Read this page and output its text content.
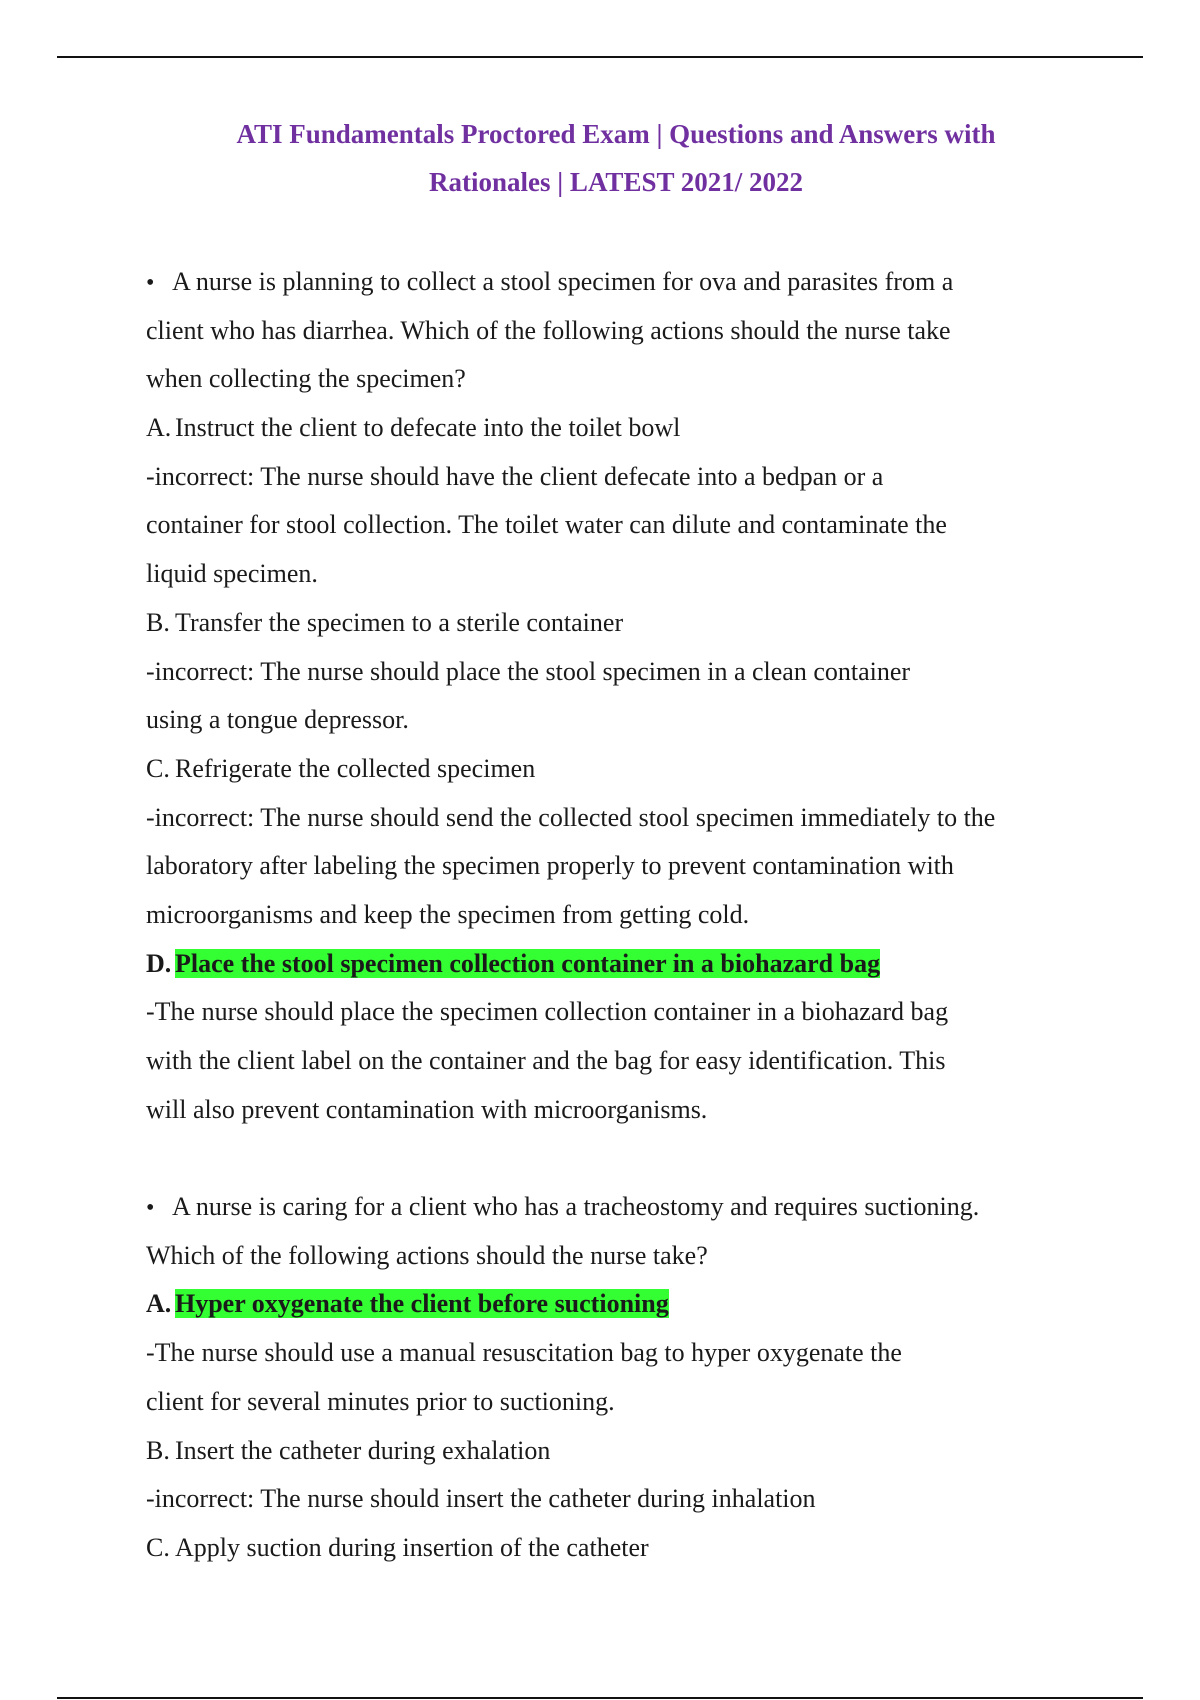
ATI Fundamentals Proctored Exam | Questions and Answers with
Rationales | LATEST 2021/ 2022
• A nurse is planning to collect a stool specimen for ova and parasites from a
client who has diarrhea. Which of the following actions should the nurse take
when collecting the specimen?
A. Instruct the client to defecate into the toilet bowl
-incorrect: The nurse should have the client defecate into a bedpan or a
container for stool collection. The toilet water can dilute and contaminate the
liquid specimen.
B. Transfer the specimen to a sterile container
-incorrect: The nurse should place the stool specimen in a clean container
using a tongue depressor.
C. Refrigerate the collected specimen
-incorrect: The nurse should send the collected stool specimen immediately to the
laboratory after labeling the specimen properly to prevent contamination with
microorganisms and keep the specimen from getting cold.
D. Place the stool specimen collection container in a biohazard bag
-The nurse should place the specimen collection container in a biohazard bag
with the client label on the container and the bag for easy identification. This
will also prevent contamination with microorganisms.
• A nurse is caring for a client who has a tracheostomy and requires suctioning.
Which of the following actions should the nurse take?
A. Hyper oxygenate the client before suctioning
-The nurse should use a manual resuscitation bag to hyper oxygenate the
client for several minutes prior to suctioning.
B. Insert the catheter during exhalation
-incorrect: The nurse should insert the catheter during inhalation
C. Apply suction during insertion of the catheter
